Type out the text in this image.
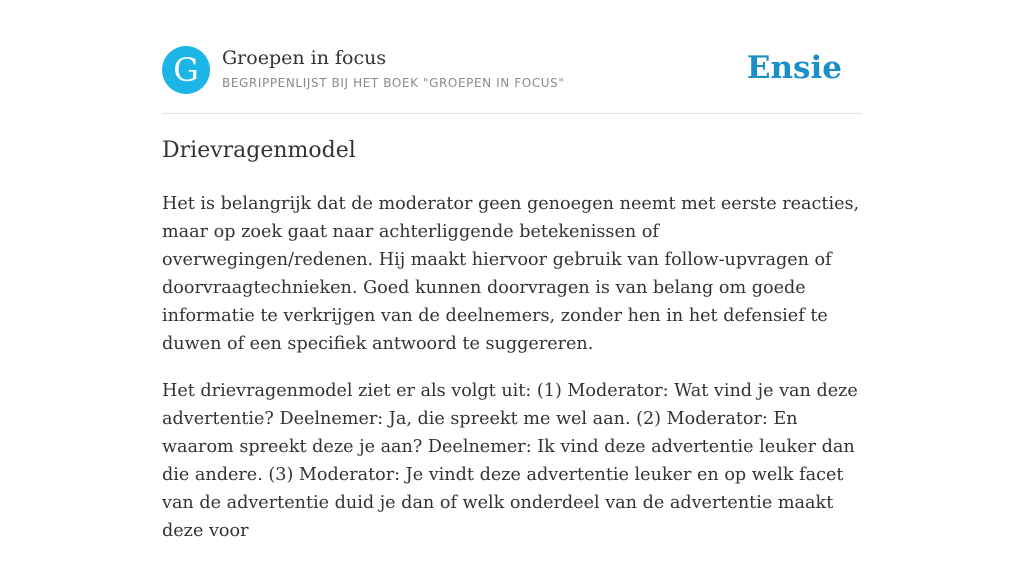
G	Groepen in focus
BEGRIPPENLIJST BIJ HET BOEK "GROEPEN IN FOCUS"	Ensie
Drievragenmodel

Het is belangrijk dat de moderator geen genoegen neemt met eerste reacties, maar op zoek gaat naar achterliggende betekenissen of overwegingen/redenen. Hij maakt hiervoor gebruik van follow-upvragen of doorvraagtechnieken. Goed kunnen doorvragen is van belang om goede informatie te verkrijgen van de deelnemers, zonder hen in het defensief te duwen of een specifiek antwoord te suggereren.

Het drievragenmodel ziet er als volgt uit: (1) Moderator: Wat vind je van deze advertentie? Deelnemer: Ja, die spreekt me wel aan. (2) Moderator: En waarom spreekt deze je aan? Deelnemer: Ik vind deze advertentie leuker dan die andere. (3) Moderator: Je vindt deze advertentie leuker en op welk facet van de advertentie duid je dan of welk onderdeel van de advertentie maakt deze voor
